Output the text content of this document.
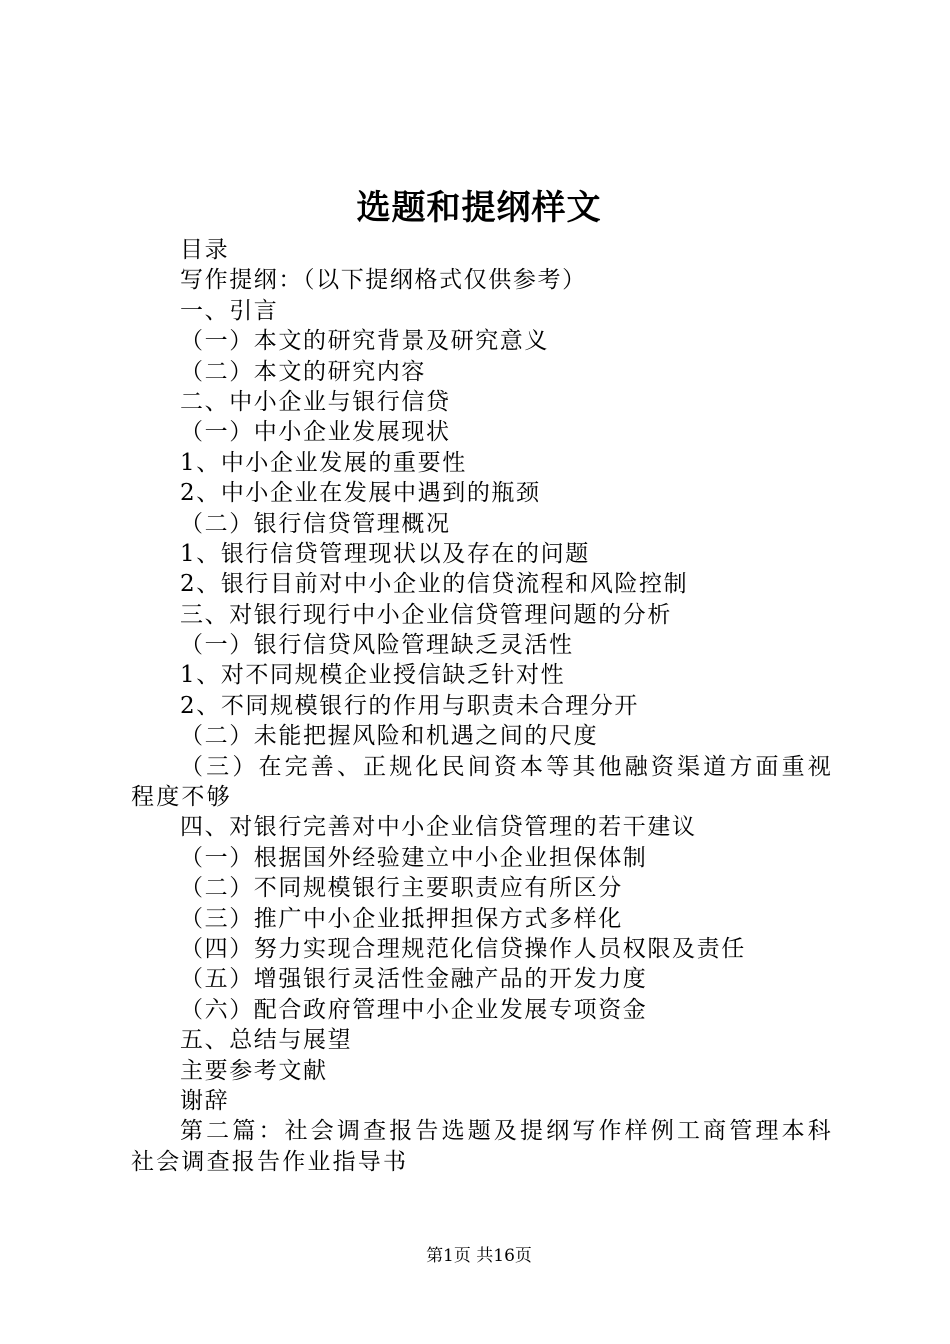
选题和提纲样文
目录
写作提纲：（以下提纲格式仅供参考）
一、引言
（一）本文的研究背景及研究意义
（二）本文的研究内容
二、中小企业与银行信贷
（一）中小企业发展现状
1、中小企业发展的重要性
2、中小企业在发展中遇到的瓶颈
（二）银行信贷管理概况
1、银行信贷管理现状以及存在的问题
2、银行目前对中小企业的信贷流程和风险控制
三、对银行现行中小企业信贷管理问题的分析
（一）银行信贷风险管理缺乏灵活性
1、对不同规模企业授信缺乏针对性
2、不同规模银行的作用与职责未合理分开
（二）未能把握风险和机遇之间的尺度
（三）在完善、正规化民间资本等其他融资渠道方面重视程度不够
四、对银行完善对中小企业信贷管理的若干建议
（一）根据国外经验建立中小企业担保体制
（二）不同规模银行主要职责应有所区分
（三）推广中小企业抵押担保方式多样化
（四）努力实现合理规范化信贷操作人员权限及责任
（五）增强银行灵活性金融产品的开发力度
（六）配合政府管理中小企业发展专项资金
五、总结与展望
主要参考文献
谢辞
第二篇：社会调查报告选题及提纲写作样例工商管理本科社会调查报告作业指导书
第1页 共16页
